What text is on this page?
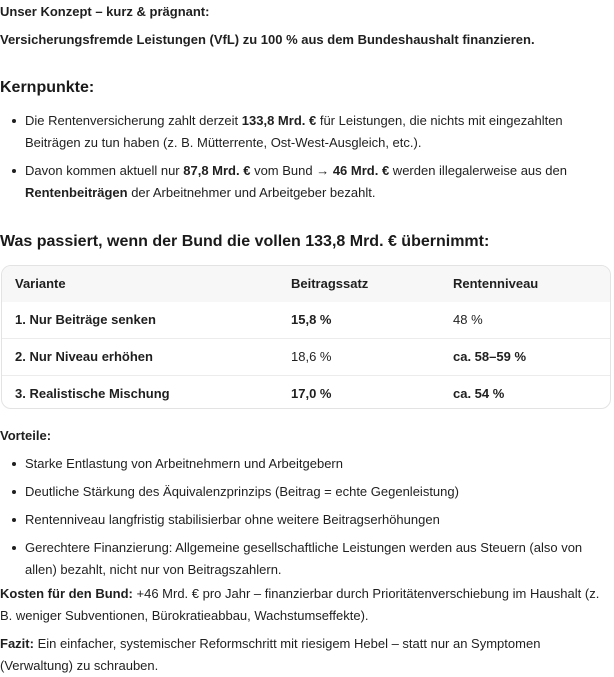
Unser Konzept – kurz & prägnant:
Versicherungsfremde Leistungen (VfL) zu 100 % aus dem Bundeshaushalt finanzieren.
Kernpunkte:
Die Rentenversicherung zahlt derzeit 133,8 Mrd. € für Leistungen, die nichts mit eingezahlten Beiträgen zu tun haben (z. B. Mütterrente, Ost-West-Ausgleich, etc.).
Davon kommen aktuell nur 87,8 Mrd. € vom Bund → 46 Mrd. € werden illegalerweise aus den Rentenbeiträgen der Arbeitnehmer und Arbeitgeber bezahlt.
Was passiert, wenn der Bund die vollen 133,8 Mrd. € übernimmt:
Variante	Beitragssatz	Rentenniveau
1. Nur Beiträge senken	15,8 %	48 %
2. Nur Niveau erhöhen	18,6 %	ca. 58–59 %
3. Realistische Mischung	17,0 %	ca. 54 %
Vorteile:
Starke Entlastung von Arbeitnehmern und Arbeitgebern
Deutliche Stärkung des Äquivalenzprinzips (Beitrag = echte Gegenleistung)
Rentenniveau langfristig stabilisierbar ohne weitere Beitragserhöhungen
Gerechtere Finanzierung: Allgemeine gesellschaftliche Leistungen werden aus Steuern (also von allen) bezahlt, nicht nur von Beitragszahlern.
Kosten für den Bund: +46 Mrd. € pro Jahr – finanzierbar durch Prioritätenverschiebung im Haushalt (z. B. weniger Subventionen, Bürokratieabbau, Wachstumseffekte).
Fazit: Ein einfacher, systemischer Reformschritt mit riesigem Hebel – statt nur an Symptomen (Verwaltung) zu schrauben.
